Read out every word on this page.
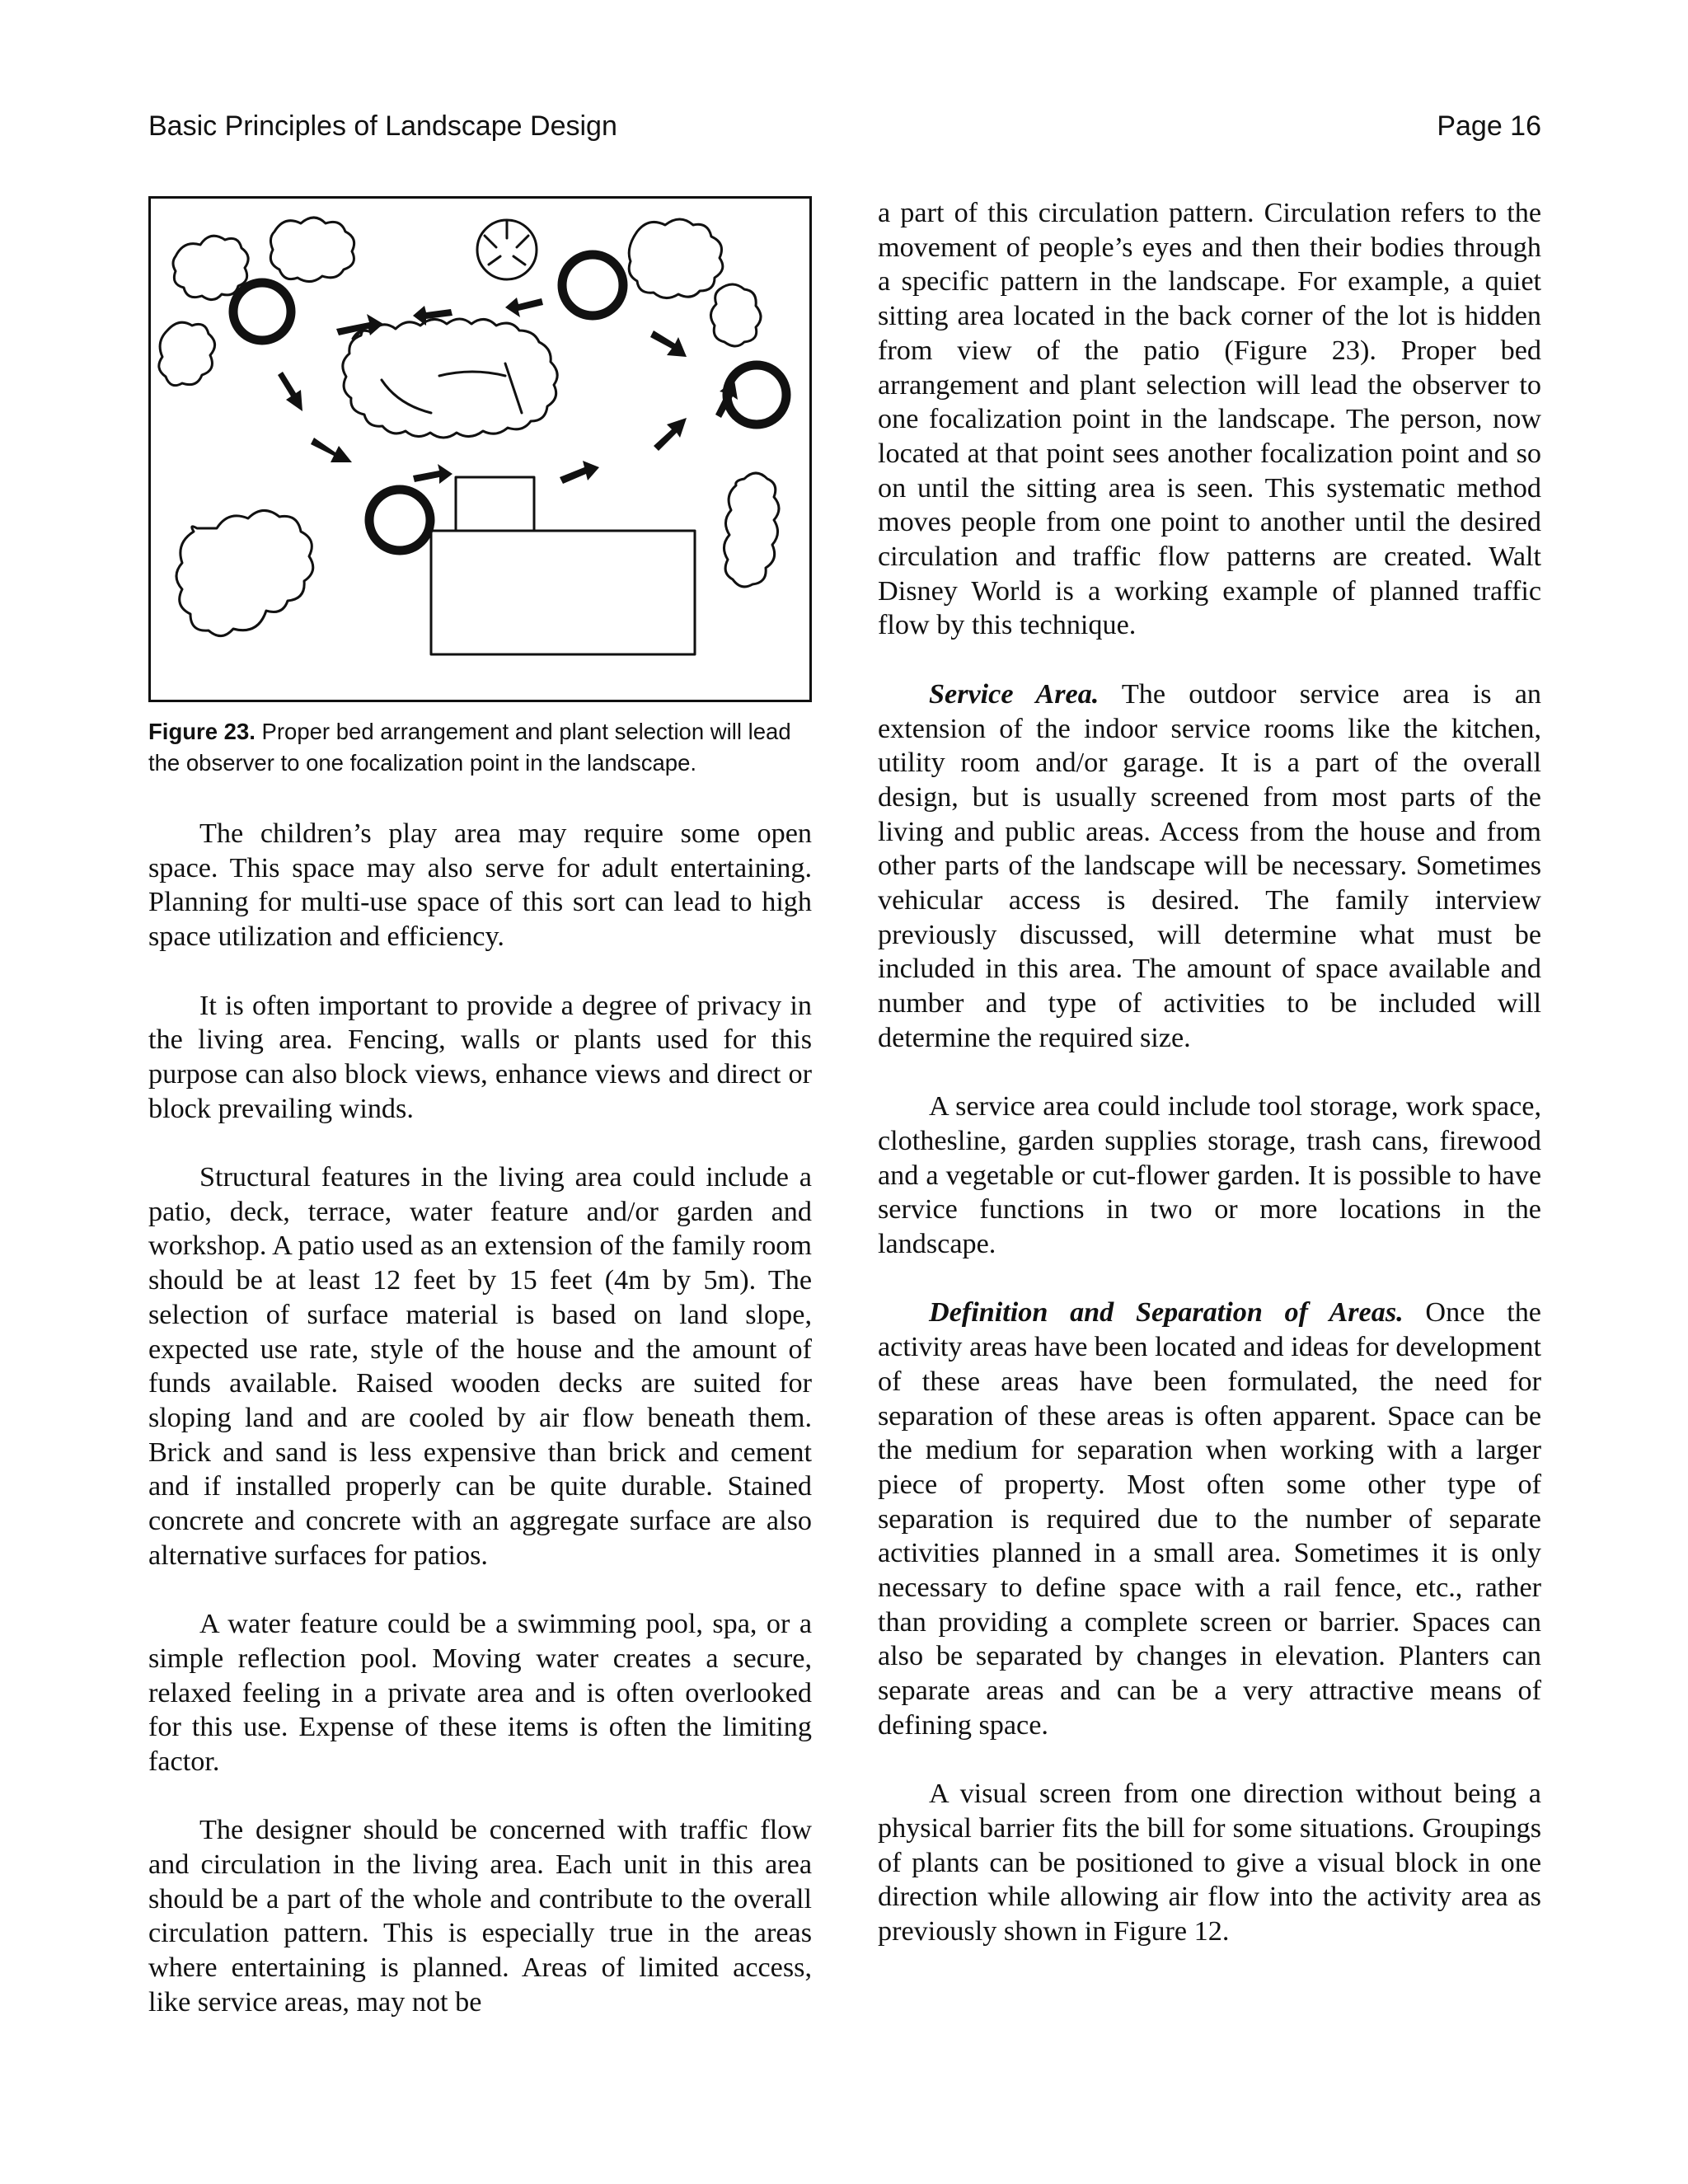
Basic Principles of Landscape Design	Page 16
Figure 23. Proper bed arrangement and plant selection will lead the observer to one focalization point in the landscape.

The children’s play area may require some open space. This space may also serve for adult entertaining. Planning for multi-use space of this sort can lead to high space utilization and efficiency.

It is often important to provide a degree of privacy in the living area. Fencing, walls or plants used for this purpose can also block views, enhance views and direct or block prevailing winds.

Structural features in the living area could include a patio, deck, terrace, water feature and/or garden and workshop. A patio used as an extension of the family room should be at least 12 feet by 15 feet (4m by 5m). The selection of surface material is based on land slope, expected use rate, style of the house and the amount of funds available. Raised wooden decks are suited for sloping land and are cooled by air flow beneath them. Brick and sand is less expensive than brick and cement and if installed properly can be quite durable. Stained concrete and concrete with an aggregate surface are also alternative surfaces for patios.

A water feature could be a swimming pool, spa, or a simple reflection pool. Moving water creates a secure, relaxed feeling in a private area and is often overlooked for this use. Expense of these items is often the limiting factor.

The designer should be concerned with traffic flow and circulation in the living area. Each unit in this area should be a part of the whole and contribute to the overall circulation pattern. This is especially true in the areas where entertaining is planned. Areas of limited access, like service areas, may not be

a part of this circulation pattern. Circulation refers to the movement of people’s eyes and then their bodies through a specific pattern in the landscape. For example, a quiet sitting area located in the back corner of the lot is hidden from view of the patio (Figure 23). Proper bed arrangement and plant selection will lead the observer to one focalization point in the landscape. The person, now located at that point sees another focalization point and so on until the sitting area is seen. This systematic method moves people from one point to another until the desired circulation and traffic flow patterns are created. Walt Disney World is a working example of planned traffic flow by this technique.

Service Area. The outdoor service area is an extension of the indoor service rooms like the kitchen, utility room and/or garage. It is a part of the overall design, but is usually screened from most parts of the living and public areas. Access from the house and from other parts of the landscape will be necessary. Sometimes vehicular access is desired. The family interview previously discussed, will determine what must be included in this area. The amount of space available and number and type of activities to be included will determine the required size.

A service area could include tool storage, work space, clothesline, garden supplies storage, trash cans, firewood and a vegetable or cut-flower garden. It is possible to have service functions in two or more locations in the landscape.

Definition and Separation of Areas. Once the activity areas have been located and ideas for development of these areas have been formulated, the need for separation of these areas is often apparent. Space can be the medium for separation when working with a larger piece of property. Most often some other type of separation is required due to the number of separate activities planned in a small area. Sometimes it is only necessary to define space with a rail fence, etc., rather than providing a complete screen or barrier. Spaces can also be separated by changes in elevation. Planters can separate areas and can be a very attractive means of defining space.

A visual screen from one direction without being a physical barrier fits the bill for some situations. Groupings of plants can be positioned to give a visual block in one direction while allowing air flow into the activity area as previously shown in Figure 12.
